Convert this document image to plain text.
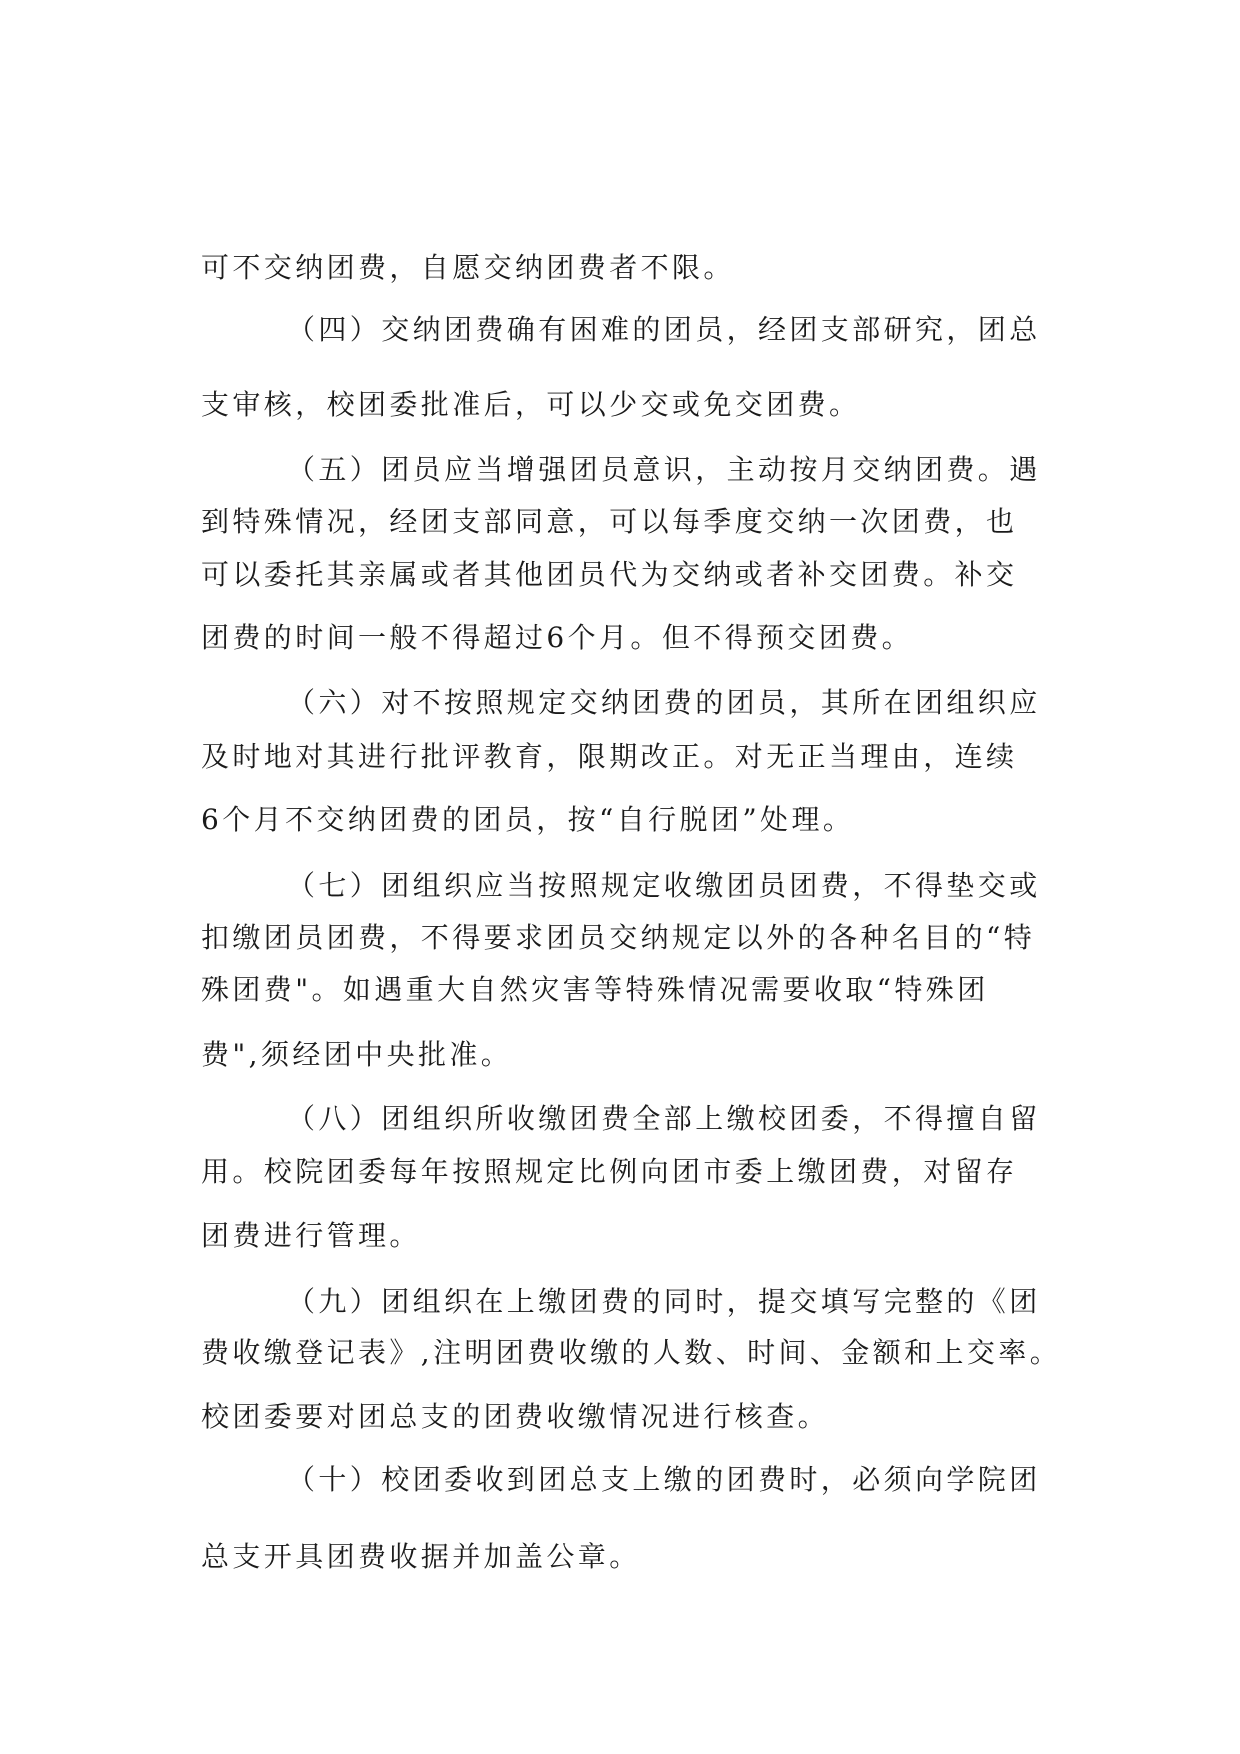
可不交纳团费，自愿交纳团费者不限。
（四）交纳团费确有困难的团员，经团支部研究，团总
支审核，校团委批准后，可以少交或免交团费。
（五）团员应当增强团员意识，主动按月交纳团费。遇
到特殊情况，经团支部同意，可以每季度交纳一次团费，也
可以委托其亲属或者其他团员代为交纳或者补交团费。补交
团费的时间一般不得超过6个月。但不得预交团费。
（六）对不按照规定交纳团费的团员，其所在团组织应
及时地对其进行批评教育，限期改正。对无正当理由，连续
6个月不交纳团费的团员，按“自行脱团”处理。
（七）团组织应当按照规定收缴团员团费，不得垫交或
扣缴团员团费，不得要求团员交纳规定以外的各种名目的“特
殊团费"。如遇重大自然灾害等特殊情况需要收取“特殊团
费",须经团中央批准。
（八）团组织所收缴团费全部上缴校团委，不得擅自留
用。校院团委每年按照规定比例向团市委上缴团费，对留存
团费进行管理。
（九）团组织在上缴团费的同时，提交填写完整的《团
费收缴登记表》,注明团费收缴的人数、时间、金额和上交率。
校团委要对团总支的团费收缴情况进行核查。
（十）校团委收到团总支上缴的团费时，必须向学院团
总支开具团费收据并加盖公章。
